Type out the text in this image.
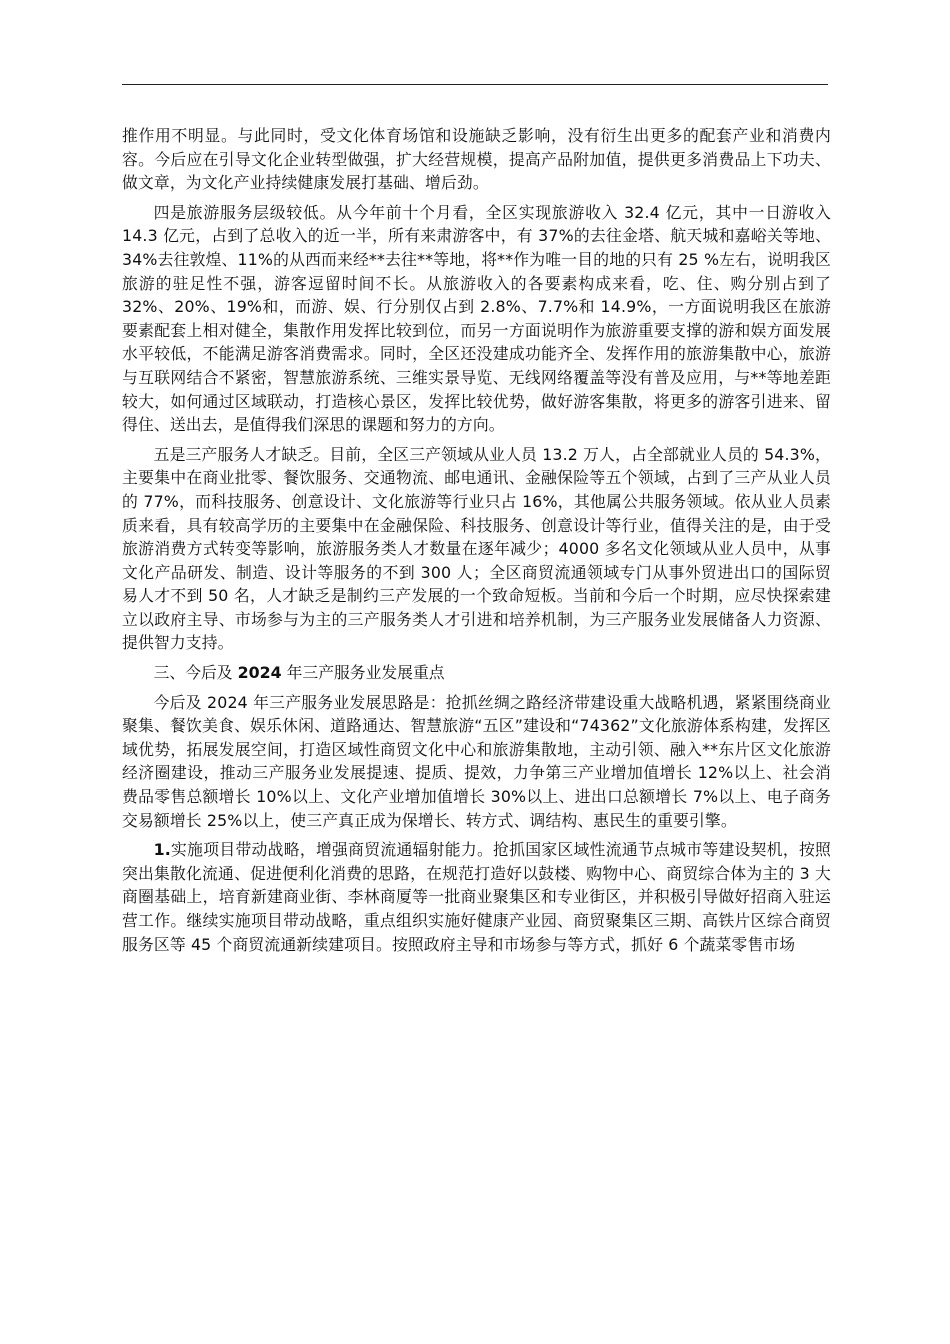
推作用不明显。与此同时，受文化体育场馆和设施缺乏影响，没有衍生出更多的配套产业和消费内容。今后应在引导文化企业转型做强，扩大经营规模，提高产品附加值，提供更多消费品上下功夫、做文章，为文化产业持续健康发展打基础、增后劲。

四是旅游服务层级较低。从今年前十个月看，全区实现旅游收入 32.4 亿元，其中一日游收入 14.3 亿元，占到了总收入的近一半，所有来肃游客中，有 37%的去往金塔、航天城和嘉峪关等地、34%去往敦煌、11%的从西而来经**去往**等地，将**作为唯一目的地的只有 25 %左右，说明我区旅游的驻足性不强，游客逗留时间不长。从旅游收入的各要素构成来看，吃、住、购分别占到了 32%、20%、19%和，而游、娱、行分别仅占到 2.8%、7.7%和 14.9%，一方面说明我区在旅游要素配套上相对健全，集散作用发挥比较到位，而另一方面说明作为旅游重要支撑的游和娱方面发展水平较低，不能满足游客消费需求。同时，全区还没建成功能齐全、发挥作用的旅游集散中心，旅游与互联网结合不紧密，智慧旅游系统、三维实景导览、无线网络覆盖等没有普及应用，与**等地差距较大，如何通过区域联动，打造核心景区，发挥比较优势，做好游客集散，将更多的游客引进来、留得住、送出去，是值得我们深思的课题和努力的方向。

五是三产服务人才缺乏。目前，全区三产领域从业人员 13.2 万人，占全部就业人员的 54.3%，主要集中在商业批零、餐饮服务、交通物流、邮电通讯、金融保险等五个领域，占到了三产从业人员的 77%，而科技服务、创意设计、文化旅游等行业只占 16%，其他属公共服务领域。依从业人员素质来看，具有较高学历的主要集中在金融保险、科技服务、创意设计等行业，值得关注的是，由于受旅游消费方式转变等影响，旅游服务类人才数量在逐年减少；4000 多名文化领域从业人员中，从事文化产品研发、制造、设计等服务的不到 300 人；全区商贸流通领域专门从事外贸进出口的国际贸易人才不到 50 名，人才缺乏是制约三产发展的一个致命短板。当前和今后一个时期，应尽快探索建立以政府主导、市场参与为主的三产服务类人才引进和培养机制，为三产服务业发展储备人力资源、提供智力支持。

三、今后及 2024 年三产服务业发展重点

今后及 2024 年三产服务业发展思路是：抢抓丝绸之路经济带建设重大战略机遇，紧紧围绕商业聚集、餐饮美食、娱乐休闲、道路通达、智慧旅游“五区”建设和“74362”文化旅游体系构建，发挥区域优势，拓展发展空间，打造区域性商贸文化中心和旅游集散地，主动引领、融入**东片区文化旅游经济圈建设，推动三产服务业发展提速、提质、提效，力争第三产业增加值增长 12%以上、社会消费品零售总额增长 10%以上、文化产业增加值增长 30%以上、进出口总额增长 7%以上、电子商务交易额增长 25%以上，使三产真正成为保增长、转方式、调结构、惠民生的重要引擎。

1.实施项目带动战略，增强商贸流通辐射能力。抢抓国家区域性流通节点城市等建设契机，按照突出集散化流通、促进便利化消费的思路，在规范打造好以鼓楼、购物中心、商贸综合体为主的 3 大商圈基础上，培育新建商业街、李林商厦等一批商业聚集区和专业街区，并积极引导做好招商入驻运营工作。继续实施项目带动战略，重点组织实施好健康产业园、商贸聚集区三期、高铁片区综合商贸服务区等 45 个商贸流通新续建项目。按照政府主导和市场参与等方式，抓好 6 个蔬菜零售市场
